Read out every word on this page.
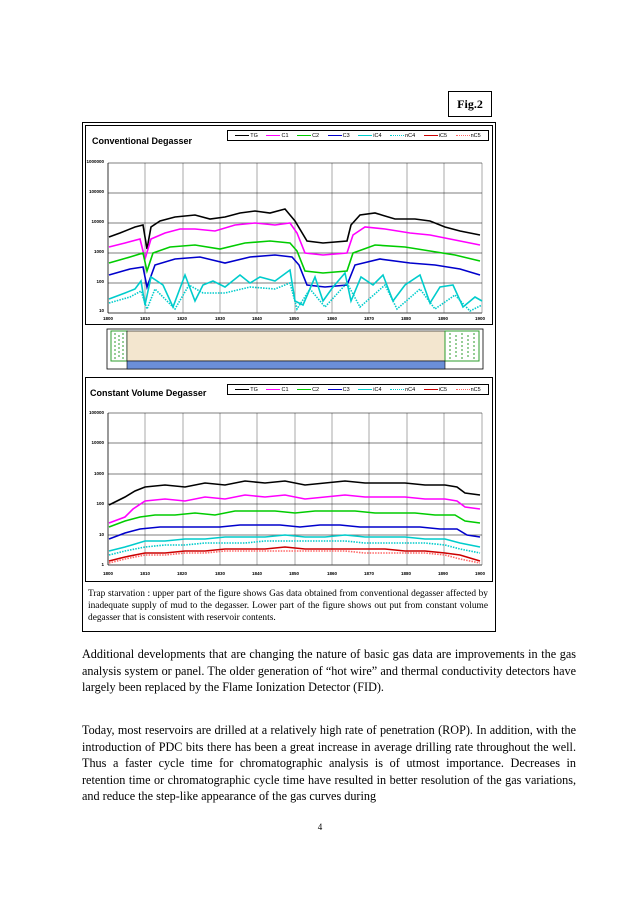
Fig.2
Conventional Degasser
TG	C1	C2	C3	iC4	nC4	iC5	nC5
1000000
100000
10000
1000
100
10
1800	1810	1820	1830	1840	1850	1860	1870	1880	1890	1900
Constant Volume Degasser	TG	C1	C2	C3	iC4	nC4	iC5	nC5
100000
10000
1000
100
10
1
1800	1810	1820	1830	1840	1850	1860	1870	1880	1890	1900
Trap starvation : upper part of the figure shows Gas data obtained from conventional degasser affected by inadequate supply of mud to the degasser. Lower part of the figure shows out put from constant volume degasser that is consistent with reservoir contents.
Additional developments that are changing the nature of basic gas data are improvements in the gas analysis system or panel. The older generation of “hot wire” and thermal conductivity detectors have largely been replaced by the Flame Ionization Detector (FID).
Today, most reservoirs are drilled at a relatively high rate of penetration (ROP). In addition, with the introduction of PDC bits there has been a great increase in average drilling rate throughout the well. Thus a faster cycle time for chromatographic analysis is of utmost importance. Decreases in retention time or chromatographic cycle time have resulted in better resolution of the gas variations, and reduce the step-like appearance of the gas curves during
4
